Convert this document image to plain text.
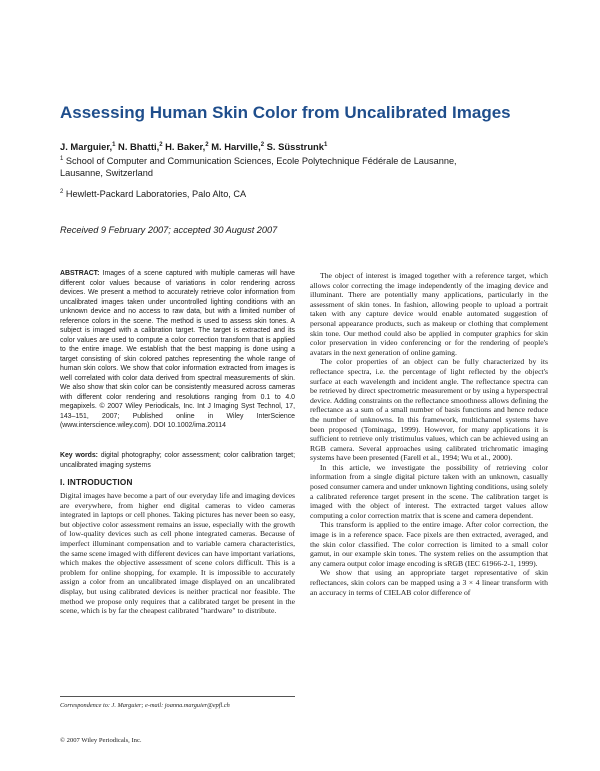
Assessing Human Skin Color from Uncalibrated Images
J. Marguier,$^1$ N. Bhatti,$^2$ H. Baker,$^2$ M. Harville,$^2$ S. Süsstrunk$^1$
$^1$ School of Computer and Communication Sciences, Ecole Polytechnique Fédérale de Lausanne, Lausanne, Switzerland
$^2$ Hewlett-Packard Laboratories, Palo Alto, CA
Received 9 February 2007; accepted 30 August 2007

ABSTRACT: Images of a scene captured with multiple cameras will have different color values because of variations in color rendering across devices. We present a method to accurately retrieve color information from uncalibrated images taken under uncontrolled lighting conditions with an unknown device and no access to raw data, but with a limited number of reference colors in the scene. The method is used to assess skin tones. A subject is imaged with a calibration target. The target is extracted and its color values are used to compute a color correction transform that is applied to the entire image. We establish that the best mapping is done using a target consisting of skin colored patches representing the whole range of human skin colors. We show that color information extracted from images is well correlated with color data derived from spectral measurements of skin. We also show that skin color can be consistently measured across cameras with different color rendering and resolutions ranging from 0.1 to 4.0 megapixels. © 2007 Wiley Periodicals, Inc. Int J Imaging Syst Technol, 17, 143–151, 2007; Published online in Wiley InterScience (www.interscience.wiley.com). DOI 10.1002/ima.20114

Key words: digital photography; color assessment; color calibration target; uncalibrated imaging systems

I. INTRODUCTION

Digital images have become a part of our everyday life and imaging devices are everywhere, from higher end digital cameras to video cameras integrated in laptops or cell phones. Taking pictures has never been so easy, but objective color assessment remains an issue, especially with the growth of low-quality devices such as cell phone integrated cameras. Because of imperfect illuminant compensation and to variable camera characteristics, the same scene imaged with different devices can have important variations, which makes the objective assessment of scene colors difficult. This is a problem for online shopping, for example. It is impossible to accurately assign a color from an uncalibrated image displayed on an uncalibrated display, but using calibrated devices is neither practical nor feasible. The method we propose only requires that a calibrated target be present in the scene, which is by far the cheapest calibrated "hardware" to distribute.

The object of interest is imaged together with a reference target, which allows color correcting the image independently of the imaging device and illuminant. There are potentially many applications, particularly in the assessment of skin tones. In fashion, allowing people to upload a portrait taken with any capture device would enable automated suggestion of personal appearance products, such as makeup or clothing that complement skin tone. Our method could also be applied in computer graphics for skin color preservation in video conferencing or for the rendering of people's avatars in the next generation of online gaming.

The color properties of an object can be fully characterized by its reflectance spectra, i.e. the percentage of light reflected by the object's surface at each wavelength and incident angle. The reflectance spectra can be retrieved by direct spectrometric measurement or by using a hyperspectral device. Adding constraints on the reflectance smoothness allows defining the reflectance as a sum of a small number of basis functions and hence reduce the number of unknowns. In this framework, multichannel systems have been proposed (Tominaga, 1999). However, for many applications it is sufficient to retrieve only tristimulus values, which can be achieved using an RGB camera. Several approaches using calibrated trichromatic imaging systems have been presented (Farell et al., 1994; Wu et al., 2000).

In this article, we investigate the possibility of retrieving color information from a single digital picture taken with an unknown, casually posed consumer camera and under unknown lighting conditions, using solely a calibrated reference target present in the scene. The calibration target is imaged with the object of interest. The extracted target values allow computing a color correction matrix that is scene and camera dependent.

This transform is applied to the entire image. After color correction, the image is in a reference space. Face pixels are then extracted, averaged, and the skin color classified. The color correction is limited to a small color gamut, in our example skin tones. The system relies on the assumption that any camera output color image encoding is sRGB (IEC 61966-2-1, 1999).

We show that using an appropriate target representative of skin reflectances, skin colors can be mapped using a 3 × 4 linear transform with an accuracy in terms of CIELAB color difference of

Correspondence to: J. Marguier; e-mail: joanna.marguier@epfl.ch
© 2007 Wiley Periodicals, Inc.
